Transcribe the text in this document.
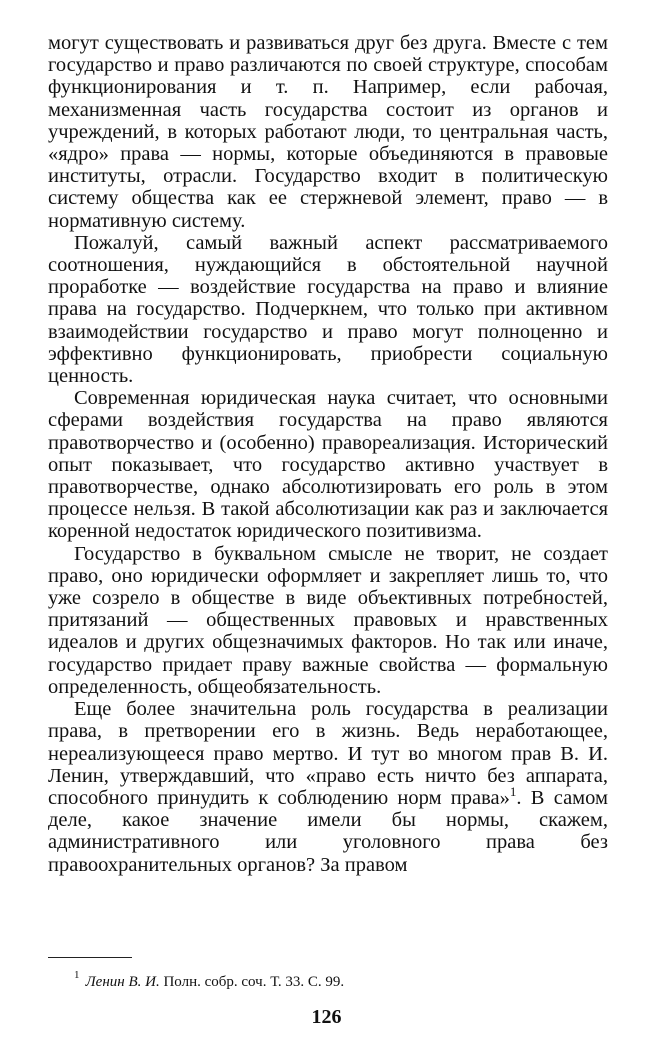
могут существовать и развиваться друг без друга. Вместе с тем государство и право различаются по своей структуре, способам функционирования и т. п. Например, если рабочая, механизменная часть государства состоит из органов и учреждений, в которых работают люди, то центральная часть, «ядро» права — нормы, которые объединяются в правовые институты, отрасли. Государство входит в политическую систему общества как ее стержневой элемент, право — в нормативную систему.

Пожалуй, самый важный аспект рассматриваемого соотношения, нуждающийся в обстоятельной научной проработке — воздействие государства на право и влияние права на государство. Подчеркнем, что только при активном взаимодействии государство и право могут полноценно и эффективно функционировать, приобрести социальную ценность.

Современная юридическая наука считает, что основными сферами воздействия государства на право являются правотворчество и (особенно) правореализация. Исторический опыт показывает, что государство активно участвует в правотворчестве, однако абсолютизировать его роль в этом процессе нельзя. В такой абсолютизации как раз и заключается коренной недостаток юридического позитивизма.

Государство в буквальном смысле не творит, не создает право, оно юридически оформляет и закрепляет лишь то, что уже созрело в обществе в виде объективных потребностей, притязаний — общественных правовых и нравственных идеалов и других общезначимых факторов. Но так или иначе, государство придает праву важные свойства — формальную определенность, общеобязательность.

Еще более значительна роль государства в реализации права, в претворении его в жизнь. Ведь неработающее, нереализующееся право мертво. И тут во многом прав В. И. Ленин, утверждавший, что «право есть ничто без аппарата, способного принудить к соблюдению норм права»$^1$. В самом деле, какое значение имели бы нормы, скажем, административного или уголовного права без правоохранительных органов? За правом

$^1$ Ленин В. И. Полн. собр. соч. Т. 33. С. 99.
126
